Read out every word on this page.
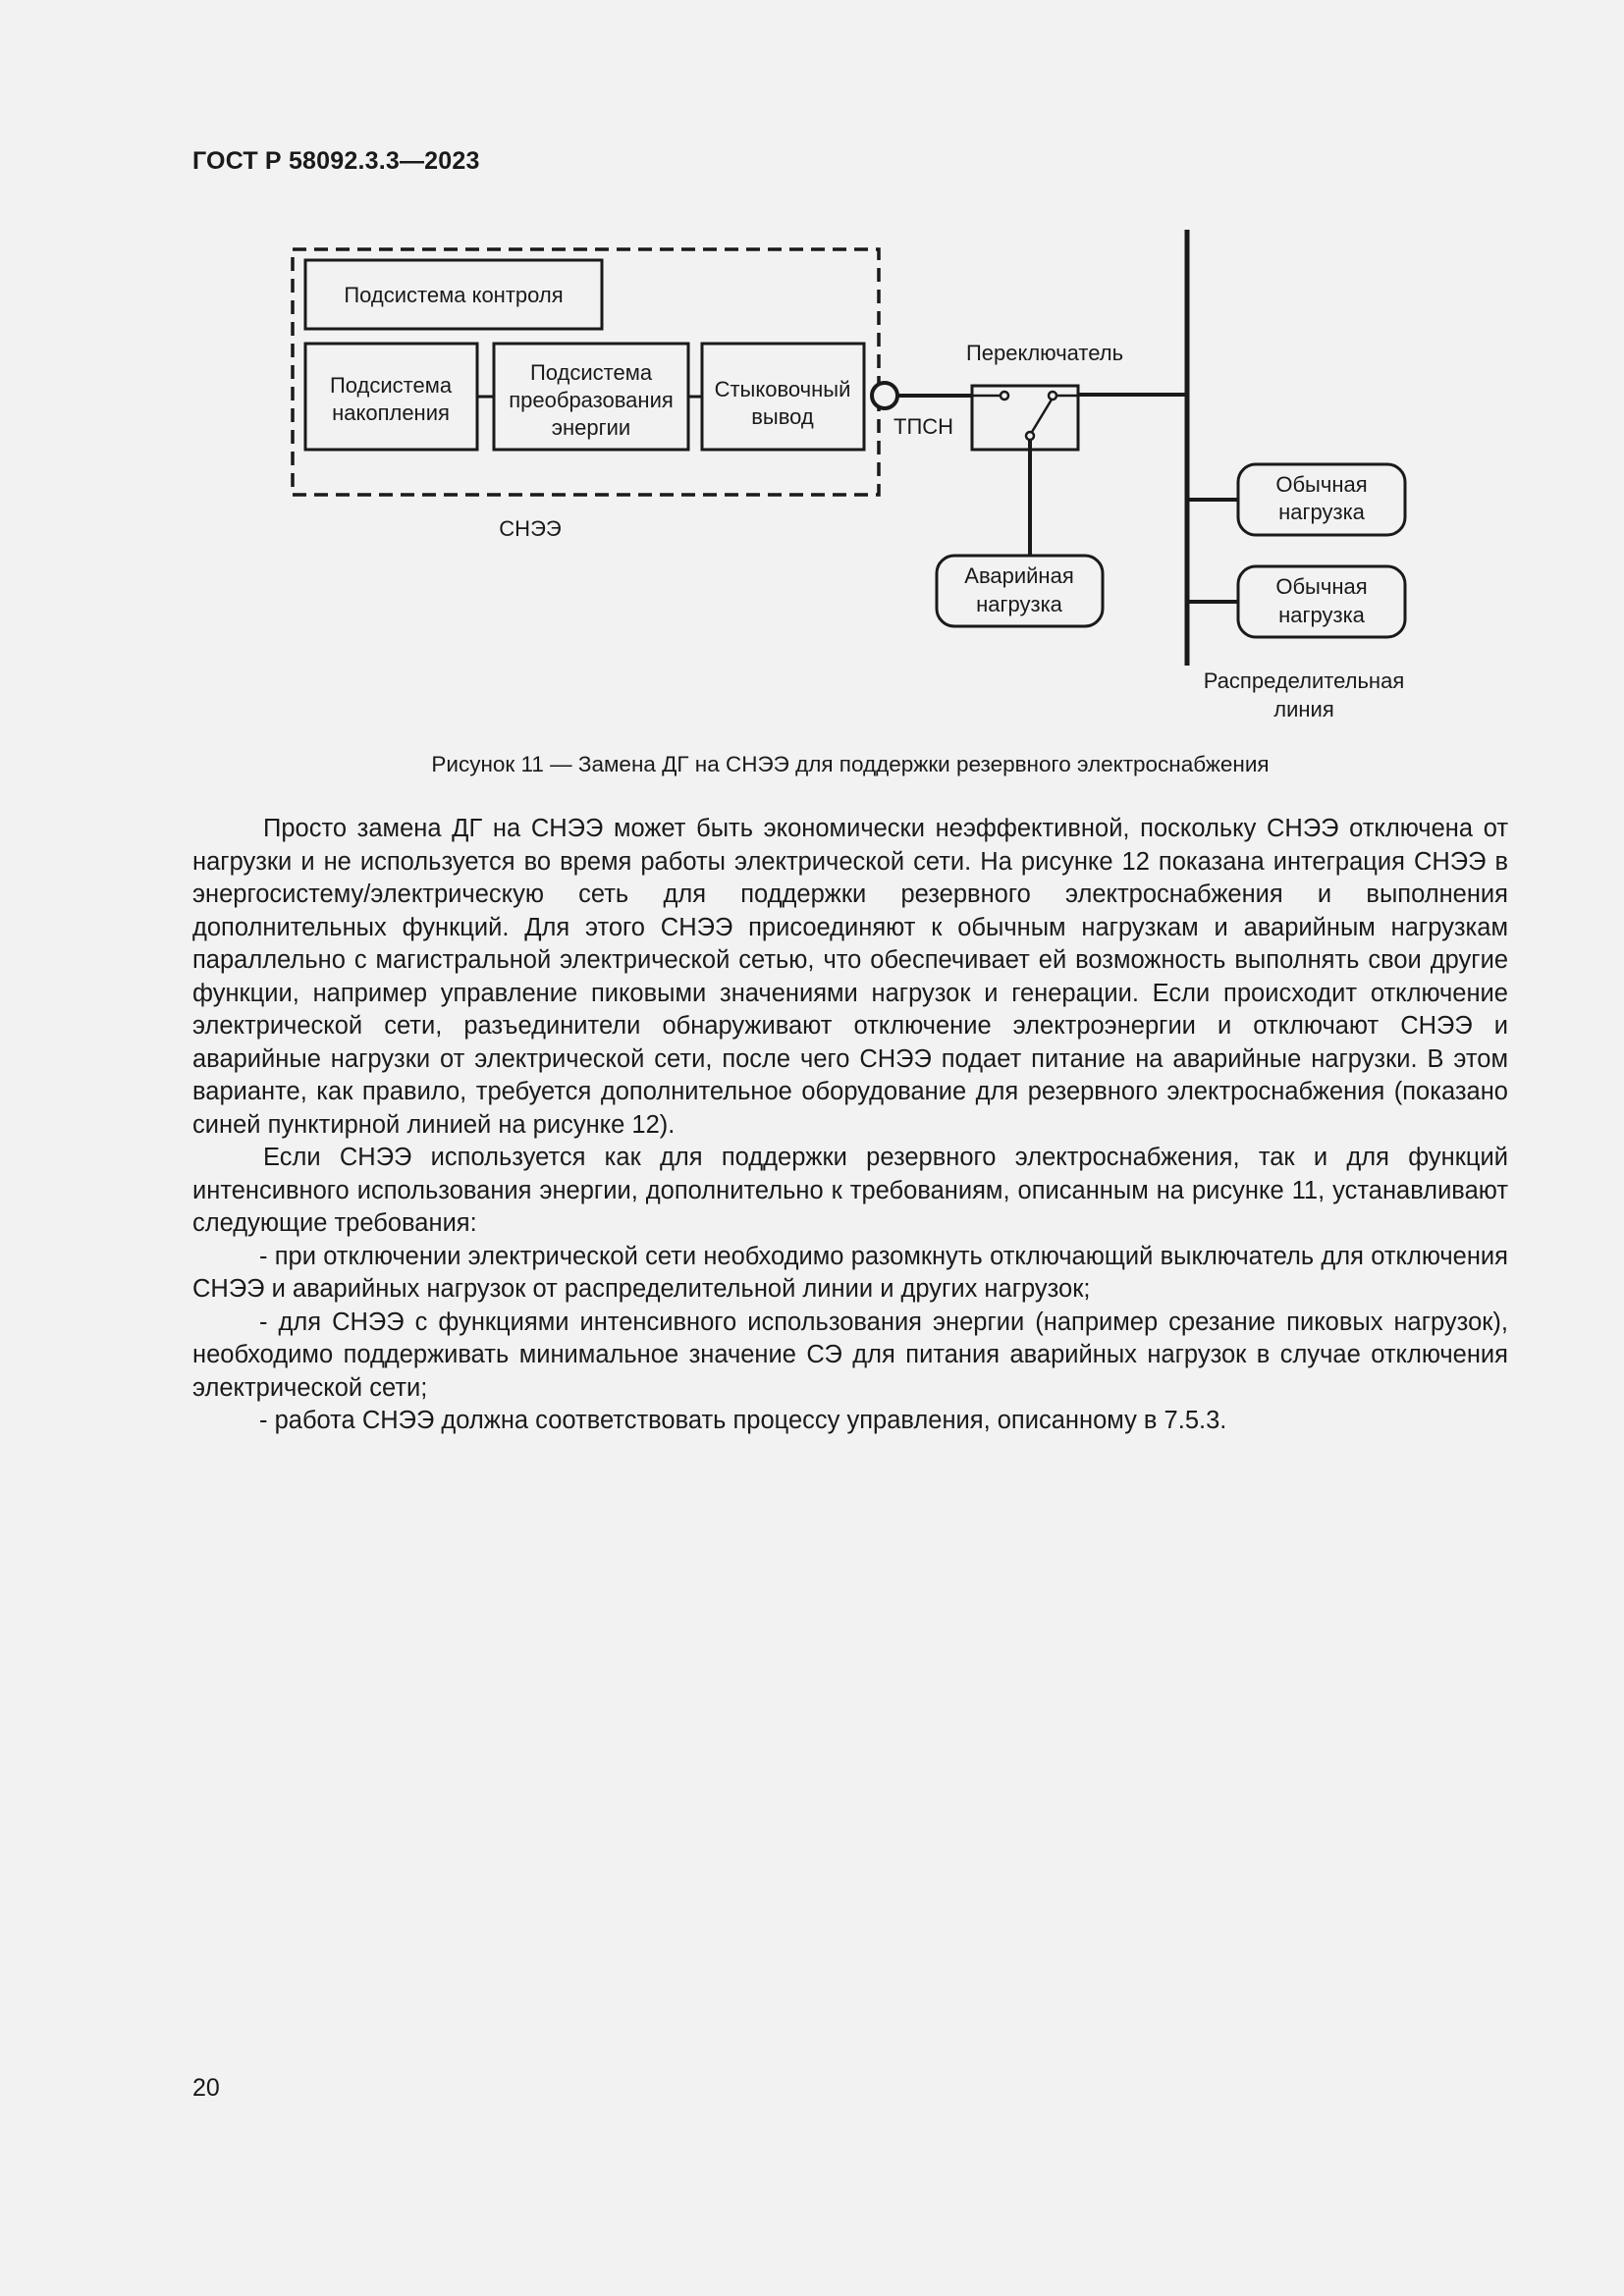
ГОСТ Р 58092.3.3—2023
Подсистема контроля
Подсистема
накопления
Подсистема
преобразования
энергии
Стыковочный
вывод
СНЭЭ
ТПСН
Переключатель
Распределительная
линия
Аварийная
нагрузка
Обычная
нагрузка
Обычная
нагрузка
Рисунок 11 — Замена ДГ на СНЭЭ для поддержки резервного электроснабжения

Просто замена ДГ на СНЭЭ может быть экономически неэффективной, поскольку СНЭЭ отключена от нагрузки и не используется во время работы электрической сети. На рисунке 12 показана интеграция СНЭЭ в энергосистему/электрическую сеть для поддержки резервного электроснабжения и выполнения дополнительных функций. Для этого СНЭЭ присоединяют к обычным нагрузкам и аварийным нагрузкам параллельно с магистральной электрической сетью, что обеспечивает ей возможность выполнять свои другие функции, например управление пиковыми значениями нагрузок и генерации. Если происходит отключение электрической сети, разъединители обнаруживают отключение электроэнергии и отключают СНЭЭ и аварийные нагрузки от электрической сети, после чего СНЭЭ подает питание на аварийные нагрузки. В этом варианте, как правило, требуется дополнительное оборудование для резервного электроснабжения (показано синей пунктирной линией на рисунке 12).

Если СНЭЭ используется как для поддержки резервного электроснабжения, так и для функций интенсивного использования энергии, дополнительно к требованиям, описанным на рисунке 11, устанавливают следующие требования:

- при отключении электрической сети необходимо разомкнуть отключающий выключатель для отключения СНЭЭ и аварийных нагрузок от распределительной линии и других нагрузок;

- для СНЭЭ с функциями интенсивного использования энергии (например срезание пиковых нагрузок), необходимо поддерживать минимальное значение СЭ для питания аварийных нагрузок в случае отключения электрической сети;

- работа СНЭЭ должна соответствовать процессу управления, описанному в 7.5.3.

20
